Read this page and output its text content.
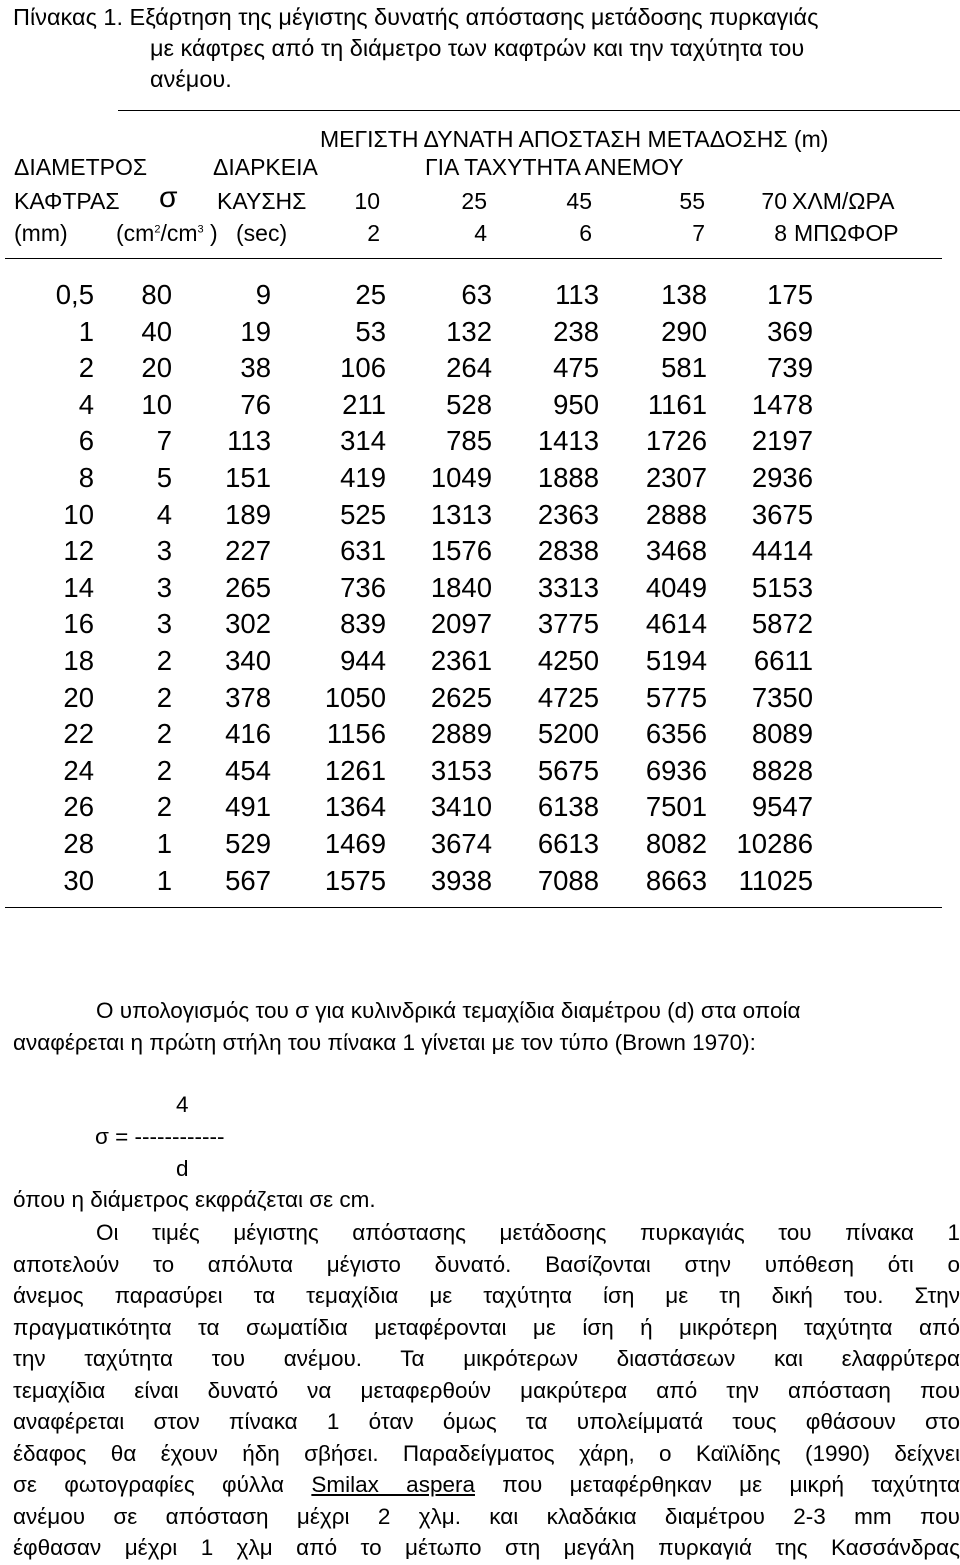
Πίνακας 1. Εξάρτηση της μέγιστης δυνατής απόστασης μετάδοσης πυρκαγιάς
με κάφτρες από τη διάμετρο των καφτρών και την ταχύτητα του
ανέμου.
ΜΕΓΙΣΤΗ ΔΥΝΑΤΗ ΑΠΟΣΤΑΣΗ ΜΕΤΑΔΟΣΗΣ (m)
ΔΙΑΜΕΤΡΟΣ	ΔΙΑΡΚΕΙΑ	ΓΙΑ ΤΑΧΥΤΗΤΑ ΑΝΕΜΟΥ
ΚΑΦΤΡΑΣ σ ΚΑΥΣΗΣ
(mm) ($cm^2/cm^3$ ) (sec)
10	25	45	55 70 ΧΛΜ/ΩΡΑ
2	4	6	7	8 ΜΠΩΦΟΡ
0,5 80	9	25	63 113 138 175
1 40 19	53 132 238 290 369
2 20 38	106 264 475 581 739
4 10 76	211 528 950 1161 1478
6 7 113	314 785 1413 1726 2197
8 5 151	419 1049 1888 2307 2936
10 4 189	525 1313 2363 2888 3675
12 3 227	631 1576 2838 3468 4414
14 3 265	736 1840 3313 4049 5153
16 3 302	839 2097 3775 4614 5872
18 2 340	944 2361 4250 5194 6611
20 2 378 1050 2625 4725 5775 7350
22 2 416 1156 2889 5200 6356 8089
24 2 454 1261 3153 5675 6936 8828
26 2 491 1364 3410 6138 7501 9547
28 1 529 1469 3674 6613 8082 10286
30 1 567 1575 3938 7088 8663 11025
Ο υπολογισμός του σ για κυλινδρικά τεμαχίδια διαμέτρου (d) στα οποία
αναφέρεται η πρώτη στήλη του πίνακα 1 γίνεται με τον τύπο (Brown 1970):
4
σ = ------------
d
όπου η διάμετρος εκφράζεται σε cm.
Οι τιμές μέγιστης απόστασης μετάδοσης πυρκαγιάς του πίνακα 1
αποτελούν το απόλυτα μέγιστο δυνατό. Βασίζονται στην υπόθεση ότι ο
άνεμος παρασύρει τα τεμαχίδια με ταχύτητα ίση με τη δική του. Στην
πραγματικότητα τα σωματίδια μεταφέρονται με ίση ή μικρότερη ταχύτητα από
την ταχύτητα του ανέμου. Τα μικρότερων διαστάσεων και ελαφρύτερα
τεμαχίδια είναι δυνατό να μεταφερθούν μακρύτερα από την απόσταση που
αναφέρεται στον πίνακα 1 όταν όμως τα υπολείμματά τους φθάσουν στο
έδαφος θα έχουν ήδη σβήσει. Παραδείγματος χάρη, ο Καϊλίδης (1990) δείχνει
σε φωτογραφίες φύλλα Smilax aspera που μεταφέρθηκαν με μικρή ταχύτητα
ανέμου σε απόσταση μέχρι 2 χλμ. και κλαδάκια διαμέτρου 2-3 mm που
έφθασαν μέχρι 1 χλμ από το μέτωπο στη μεγάλη πυρκαγιά της Κασσάνδρας
